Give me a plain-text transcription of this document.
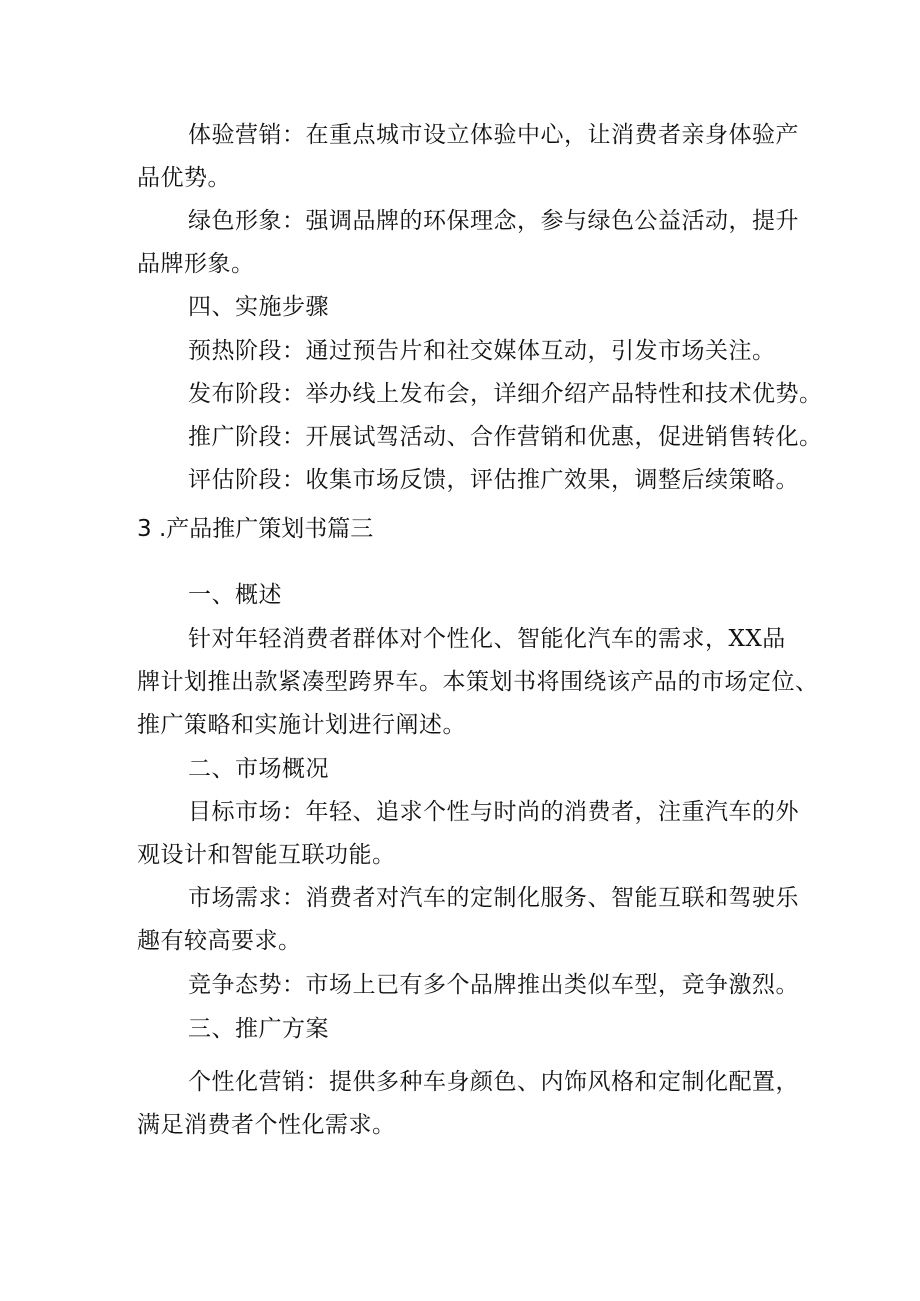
体验营销：在重点城市设立体验中心，让消费者亲身体验产
品优势。
绿色形象：强调品牌的环保理念，参与绿色公益活动，提升
品牌形象。
四、实施步骤
预热阶段：通过预告片和社交媒体互动，引发市场关注。
发布阶段：举办线上发布会，详细介绍产品特性和技术优势。
推广阶段：开展试驾活动、合作营销和优惠，促进销售转化。
评估阶段：收集市场反馈，评估推广效果，调整后续策略。
3 .产品推广策划书篇三
一、概述
针对年轻消费者群体对个性化、智能化汽车的需求，XX品
牌计划推出款紧凑型跨界车。本策划书将围绕该产品的市场定位、
推广策略和实施计划进行阐述。
二、市场概况
目标市场：年轻、追求个性与时尚的消费者，注重汽车的外
观设计和智能互联功能。
市场需求：消费者对汽车的定制化服务、智能互联和驾驶乐
趣有较高要求。
竞争态势：市场上已有多个品牌推出类似车型，竞争激烈。
三、推广方案
个性化营销：提供多种车身颜色、内饰风格和定制化配置，
满足消费者个性化需求。
